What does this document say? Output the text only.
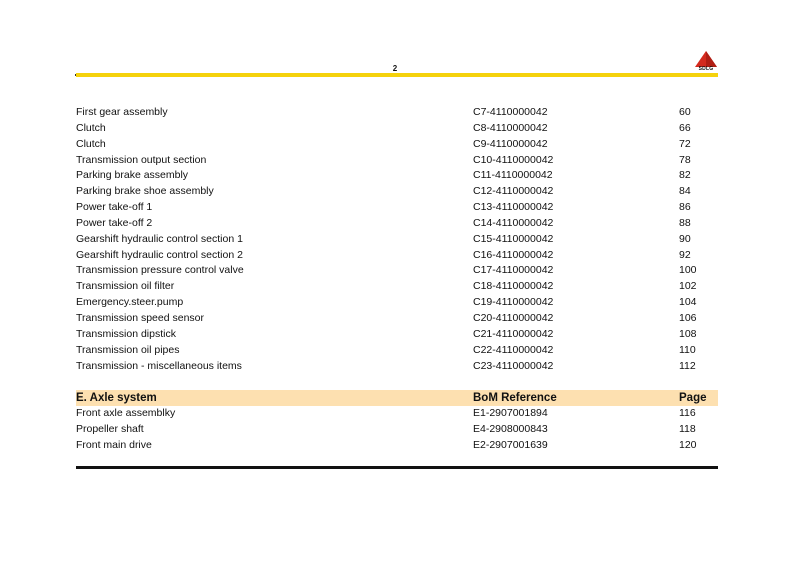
2	SDLG
First gear assembly	C7-4110000042	60
Clutch	C8-4110000042	66
Clutch	C9-4110000042	72
Transmission output section	C10-4110000042	78
Parking brake assembly	C11-4110000042	82
Parking brake shoe assembly	C12-4110000042	84
Power take-off 1	C13-4110000042	86
Power take-off 2	C14-4110000042	88
Gearshift hydraulic control section 1	C15-4110000042	90
Gearshift hydraulic control section 2	C16-4110000042	92
Transmission pressure control valve	C17-4110000042	100
Transmission oil filter	C18-4110000042	102
Emergency.steer.pump	C19-4110000042	104
Transmission speed sensor	C20-4110000042	106
Transmission dipstick	C21-4110000042	108
Transmission oil pipes	C22-4110000042	110
Transmission - miscellaneous items	C23-4110000042	112
E. Axle system	BoM Reference	Page
Front axle assemblky	E1-2907001894	116
Propeller shaft	E4-2908000843	118
Front main drive	E2-2907001639	120
